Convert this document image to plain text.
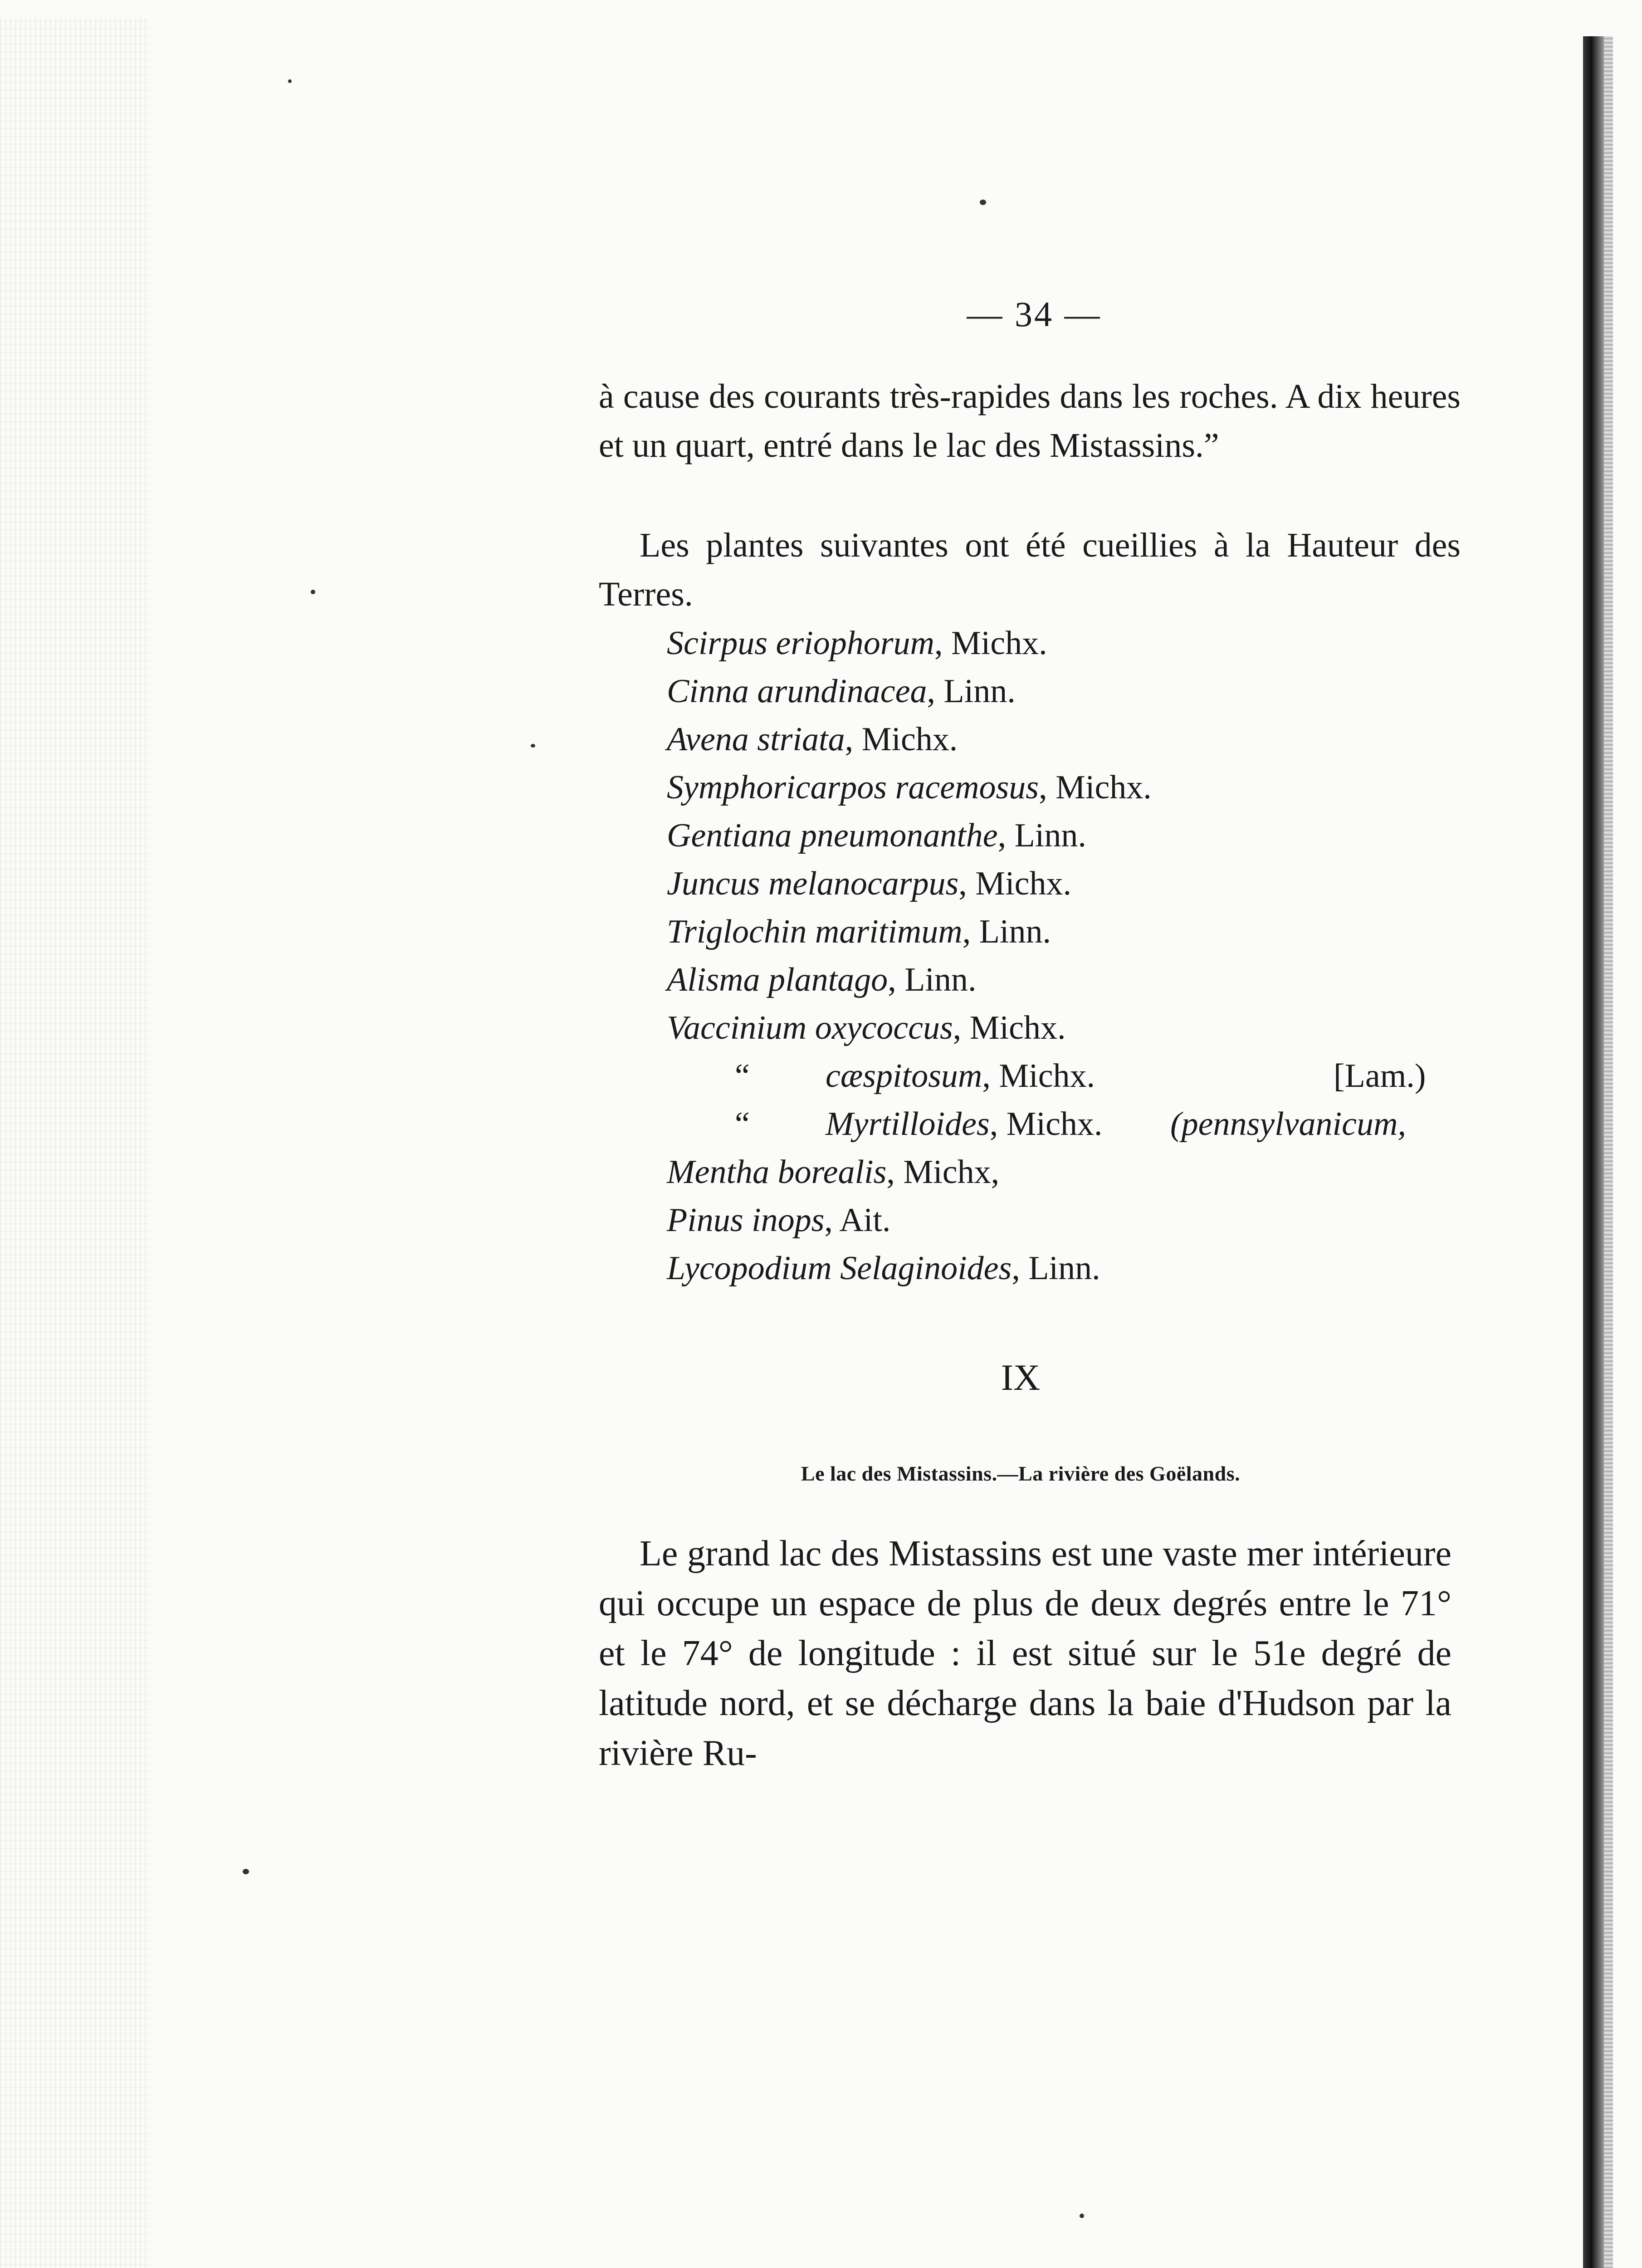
— 34 —

à cause des courants très-rapides dans les roches. A dix heures et un quart, entré dans le lac des Mistassins.”

Les plantes suivantes ont été cueillies à la Hauteur des Terres.

Scirpus eriophorum, Michx.
Cinna arundinacea, Linn.
Avena striata, Michx.
Symphoricarpos racemosus, Michx.
Gentiana pneumonanthe, Linn.
Juncus melanocarpus, Michx.
Triglochin maritimum, Linn.
Alisma plantago, Linn.
Vaccinium oxycoccus, Michx.
“ cæspitosum, Michx.	[Lam.)
“ Myrtilloides, Michx. (pennsylvanicum,
Mentha borealis, Michx,
Pinus inops, Ait.
Lycopodium Selaginoides, Linn.
IX
Le lac des Mistassins.—La rivière des Goëlands.

Le grand lac des Mistassins est une vaste mer intérieure qui occupe un espace de plus de deux degrés entre le 71° et le 74° de longitude : il est situé sur le 51e degré de latitude nord, et se décharge dans la baie d'Hudson par la rivière Ru-
